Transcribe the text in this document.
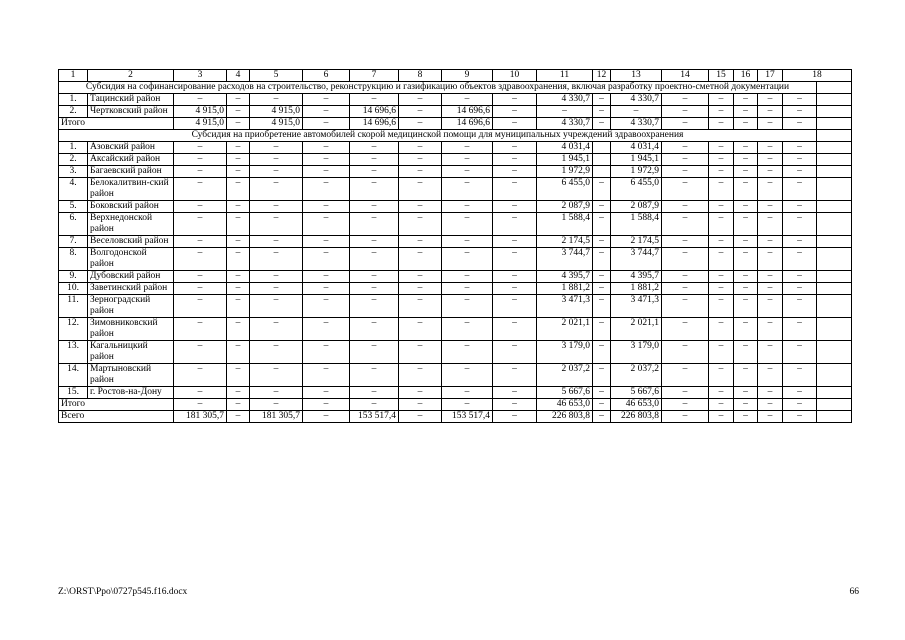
1	2	3	4	5	6	7	8	9	10	11	12	13	14	15	16	17	18	
Субсидия на софинансирование расходов на строительство, реконструкцию и газификацию объектов здравоохранения, включая разработку проектно-сметной документации																		
1.	Тацинский район	–	–	–	–	–	–	–	–	4 330,7	–	4 330,7	–	–	–	–	–	
2.	Чертковский район	4 915,0	–	4 915,0	–	14 696,6	–	14 696,6	–	–	–	–	–	–	–	–	–	
Итого		4 915,0	–	4 915,0	–	14 696,6	–	14 696,6	–	4 330,7	–	4 330,7	–	–	–	–	–	
Субсидия на приобретение автомобилей скорой медицинской помощи для муниципальных учреждений здравоохранения																		
1.	Азовский район	–	–	–	–	–	–	–	–	4 031,4		4 031,4	–	–	–	–	–	
2.	Аксайский район	–	–	–	–	–	–	–	–	1 945,1		1 945,1	–	–	–	–	–	
3.	Багаевский район	–	–	–	–	–	–	–	–	1 972,9		1 972,9	–	–	–	–	–	
4.	Белокалитвин-ский район	–	–	–	–	–	–	–	–	6 455,0	–	6 455,0	–	–	–	–	–	
5.	Боковский район	–	–	–	–	–	–	–	–	2 087,9	–	2 087,9	–	–	–	–	–	
6.	Верхнедонской район	–	–	–	–	–	–	–	–	1 588,4	–	1 588,4	–	–	–	–	–	
7.	Веселовский район	–	–	–	–	–	–	–	–	2 174,5	–	2 174,5	–	–	–	–	–	
8.	Волгодонской район	–	–	–	–	–	–	–	–	3 744,7	–	3 744,7	–	–	–	–	–	
9.	Дубовский район	–	–	–	–	–	–	–	–	4 395,7	–	4 395,7	–	–	–	–	–	
10.	Заветинский район	–	–	–	–	–	–	–	–	1 881,2	–	1 881,2	–	–	–	–	–	
11.	Зерноградский район	–	–	–	–	–	–	–	–	3 471,3	–	3 471,3	–	–	–	–	–	
12.	Зимовниковский район	–	–	–	–	–	–	–	–	2 021,1	–	2 021,1	–	–	–	–	–	
13.	Кагальницкий район	–	–	–	–	–	–	–	–	3 179,0	–	3 179,0	–	–	–	–	–	
14.	Мартыновский район	–	–	–	–	–	–	–	–	2 037,2	–	2 037,2	–	–	–	–	–	
15.	г. Ростов-на-Дону	–	–	–	–	–	–	–	–	5 667,6	–	5 667,6	–	–	–	–	–	
Итого		–	–	–	–	–	–	–	–	46 653,0	–	46 653,0	–	–	–	–	–	
Всего		181 305,7	–	181 305,7	–	153 517,4	–	153 517,4	–	226 803,8	–	226 803,8	–	–	–	–	–	
Z:\ORST\Ppo\0727p545.f16.docx	66
